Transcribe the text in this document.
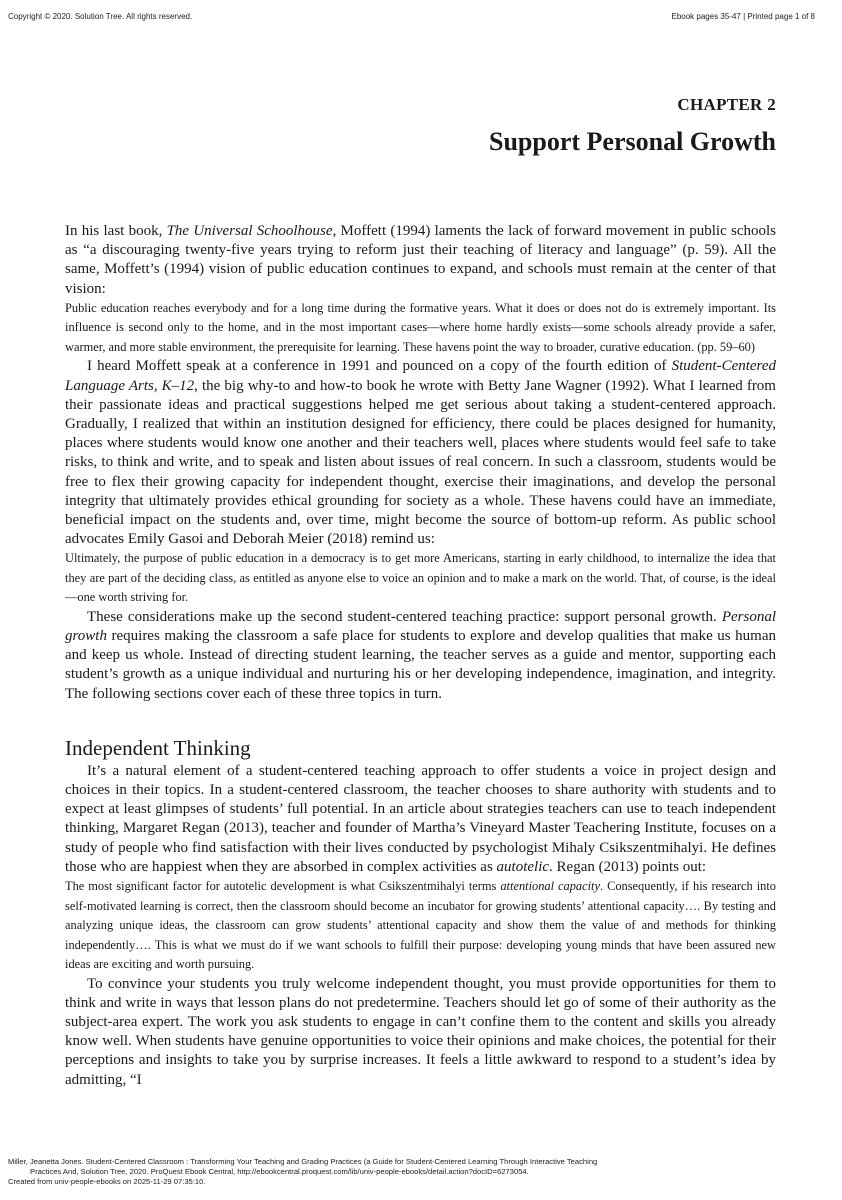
Copyright © 2020. Solution Tree. All rights reserved.	Ebook pages 35-47 | Printed page 1 of 8
CHAPTER 2
Support Personal Growth

In his last book, The Universal Schoolhouse, Moffett (1994) laments the lack of forward movement in public schools as “a discouraging twenty-five years trying to reform just their teaching of literacy and language” (p. 59). All the same, Moffett’s (1994) vision of public education continues to expand, and schools must remain at the center of that vision:

Public education reaches everybody and for a long time during the formative years. What it does or does not do is extremely important. Its influence is second only to the home, and in the most important cases—where home hardly exists—some schools already provide a safer, warmer, and more stable environment, the prerequisite for learning. These havens point the way to broader, curative education. (pp. 59–60)

I heard Moffett speak at a conference in 1991 and pounced on a copy of the fourth edition of Student-Centered Language Arts, K–12, the big why-to and how-to book he wrote with Betty Jane Wagner (1992). What I learned from their passionate ideas and practical suggestions helped me get serious about taking a student-centered approach. Gradually, I realized that within an institution designed for efficiency, there could be places designed for humanity, places where students would know one another and their teachers well, places where students would feel safe to take risks, to think and write, and to speak and listen about issues of real concern. In such a classroom, students would be free to flex their growing capacity for independent thought, exercise their imaginations, and develop the personal integrity that ultimately provides ethical grounding for society as a whole. These havens could have an immediate, beneficial impact on the students and, over time, might become the source of bottom-up reform. As public school advocates Emily Gasoi and Deborah Meier (2018) remind us:

Ultimately, the purpose of public education in a democracy is to get more Americans, starting in early childhood, to internalize the idea that they are part of the deciding class, as entitled as anyone else to voice an opinion and to make a mark on the world. That, of course, is the ideal—one worth striving for.

These considerations make up the second student-centered teaching practice: support personal growth. Personal growth requires making the classroom a safe place for students to explore and develop qualities that make us human and keep us whole. Instead of directing student learning, the teacher serves as a guide and mentor, supporting each student’s growth as a unique individual and nurturing his or her developing independence, imagination, and integrity. The following sections cover each of these three topics in turn.

Independent Thinking

It’s a natural element of a student-centered teaching approach to offer students a voice in project design and choices in their topics. In a student-centered classroom, the teacher chooses to share authority with students and to expect at least glimpses of students’ full potential. In an article about strategies teachers can use to teach independent thinking, Margaret Regan (2013), teacher and founder of Martha’s Vineyard Master Teachering Institute, focuses on a study of people who find satisfaction with their lives conducted by psychologist Mihaly Csikszentmihalyi. He defines those who are happiest when they are absorbed in complex activities as autotelic. Regan (2013) points out:

The most significant factor for autotelic development is what Csikszentmihalyi terms attentional capacity. Consequently, if his research into self-motivated learning is correct, then the classroom should become an incubator for growing students’ attentional capacity…. By testing and analyzing unique ideas, the classroom can grow students’ attentional capacity and show them the value of and methods for thinking independently…. This is what we must do if we want schools to fulfill their purpose: developing young minds that have been assured new ideas are exciting and worth pursuing.

To convince your students you truly welcome independent thought, you must provide opportunities for them to think and write in ways that lesson plans do not predetermine. Teachers should let go of some of their authority as the subject-area expert. The work you ask students to engage in can’t confine them to the content and skills you already know well. When students have genuine opportunities to voice their opinions and make choices, the potential for their perceptions and insights to take you by surprise increases. It feels a little awkward to respond to a student’s idea by admitting, “I

Miller, Jeanetta Jones. Student-Centered Classroom : Transforming Your Teaching and Grading Practices (a Guide for Student-Centered Learning Through Interactive Teaching
Practices And, Solution Tree, 2020. ProQuest Ebook Central, http://ebookcentral.proquest.com/lib/univ-people-ebooks/detail.action?docID=6273054.
Created from univ-people-ebooks on 2025-11-29 07:35:10.
